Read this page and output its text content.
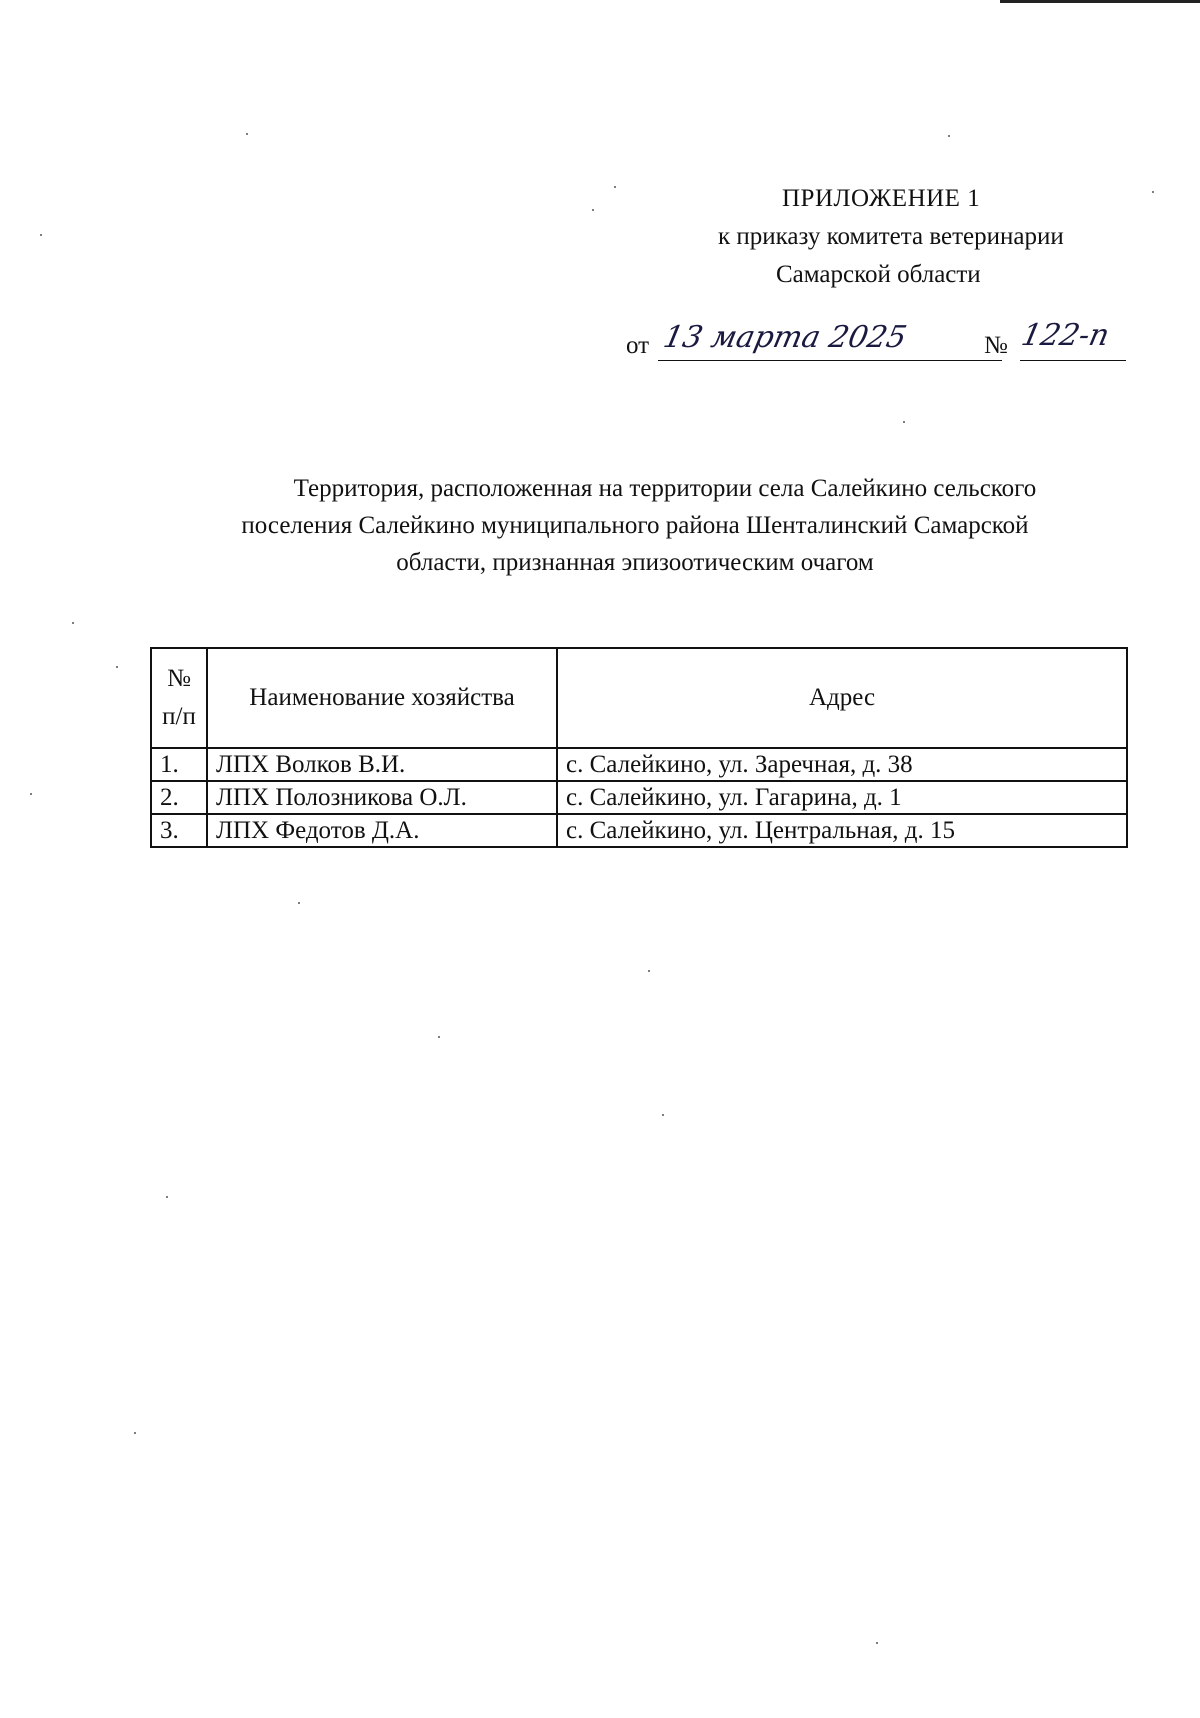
ПРИЛОЖЕНИЕ 1
к приказу комитета ветеринарии
Самарской области
от 13 марта 2025	№ 122-п

Территория, расположенная на территории села Салейкино сельского

поселения Салейкино муниципального района Шенталинский Самарской

области, признанная эпизоотическим очагом

№
п/п	Наименование хозяйства	Адрес
1.	ЛПХ Волков В.И.	с. Салейкино, ул. Заречная, д. 38
2.	ЛПХ Полозникова О.Л.	с. Салейкино, ул. Гагарина, д. 1
3.	ЛПХ Федотов Д.А.	с. Салейкино, ул. Центральная, д. 15
